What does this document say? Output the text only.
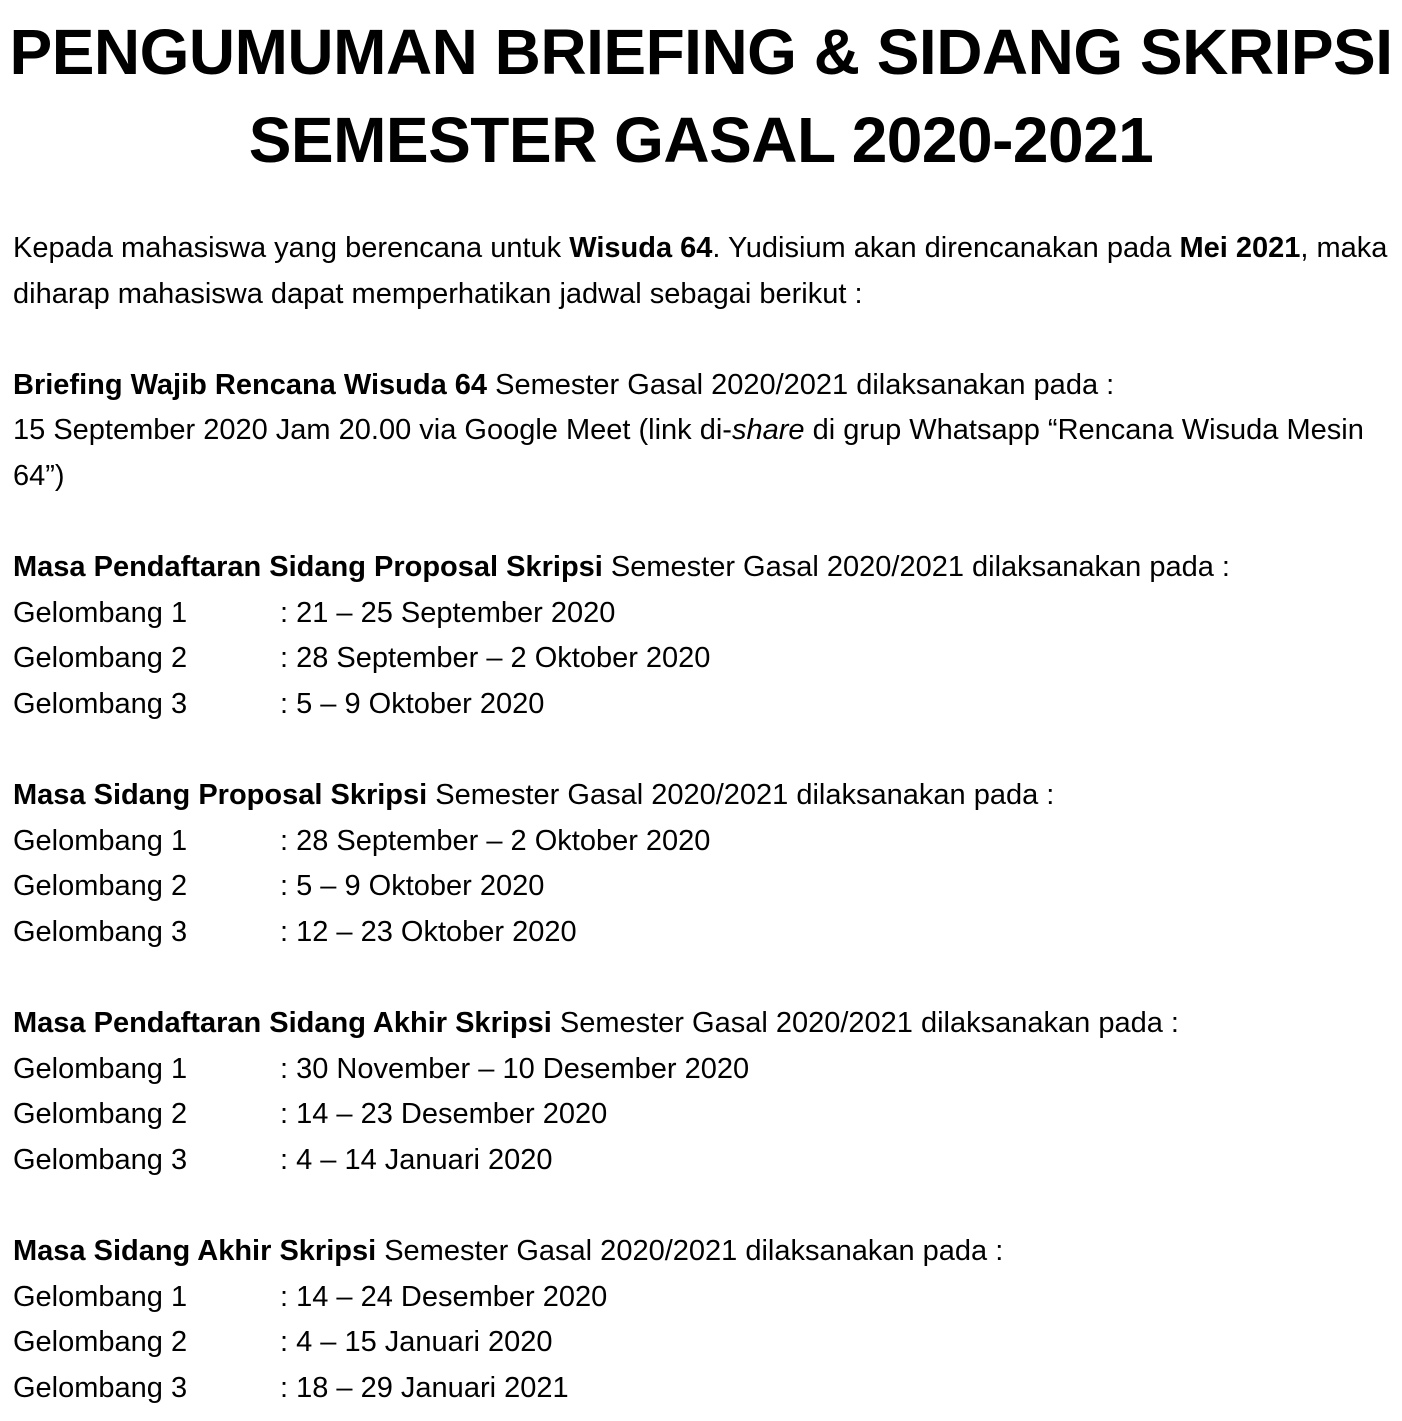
PENGUMUMAN BRIEFING & SIDANG SKRIPSI
SEMESTER GASAL 2020-2021

Kepada mahasiswa yang berencana untuk Wisuda 64. Yudisium akan direncanakan pada Mei 2021, maka diharap mahasiswa dapat memperhatikan jadwal sebagai berikut :

Briefing Wajib Rencana Wisuda 64 Semester Gasal 2020/2021 dilaksanakan pada :

15 September 2020 Jam 20.00 via Google Meet (link di-share di grup Whatsapp “Rencana Wisuda Mesin 64”)

Masa Pendaftaran Sidang Proposal Skripsi Semester Gasal 2020/2021 dilaksanakan pada :

Gelombang 1	: 21 – 25 September 2020
Gelombang 2	: 28 September – 2 Oktober 2020
Gelombang 3	: 5 – 9 Oktober 2020

Masa Sidang Proposal Skripsi Semester Gasal 2020/2021 dilaksanakan pada :

Gelombang 1	: 28 September – 2 Oktober 2020
Gelombang 2	: 5 – 9 Oktober 2020
Gelombang 3	: 12 – 23 Oktober 2020

Masa Pendaftaran Sidang Akhir Skripsi Semester Gasal 2020/2021 dilaksanakan pada :

Gelombang 1	: 30 November – 10 Desember 2020
Gelombang 2	: 14 – 23 Desember 2020
Gelombang 3	: 4 – 14 Januari 2020

Masa Sidang Akhir Skripsi Semester Gasal 2020/2021 dilaksanakan pada :

Gelombang 1	: 14 – 24 Desember 2020
Gelombang 2	: 4 – 15 Januari 2020
Gelombang 3	: 18 – 29 Januari 2021
